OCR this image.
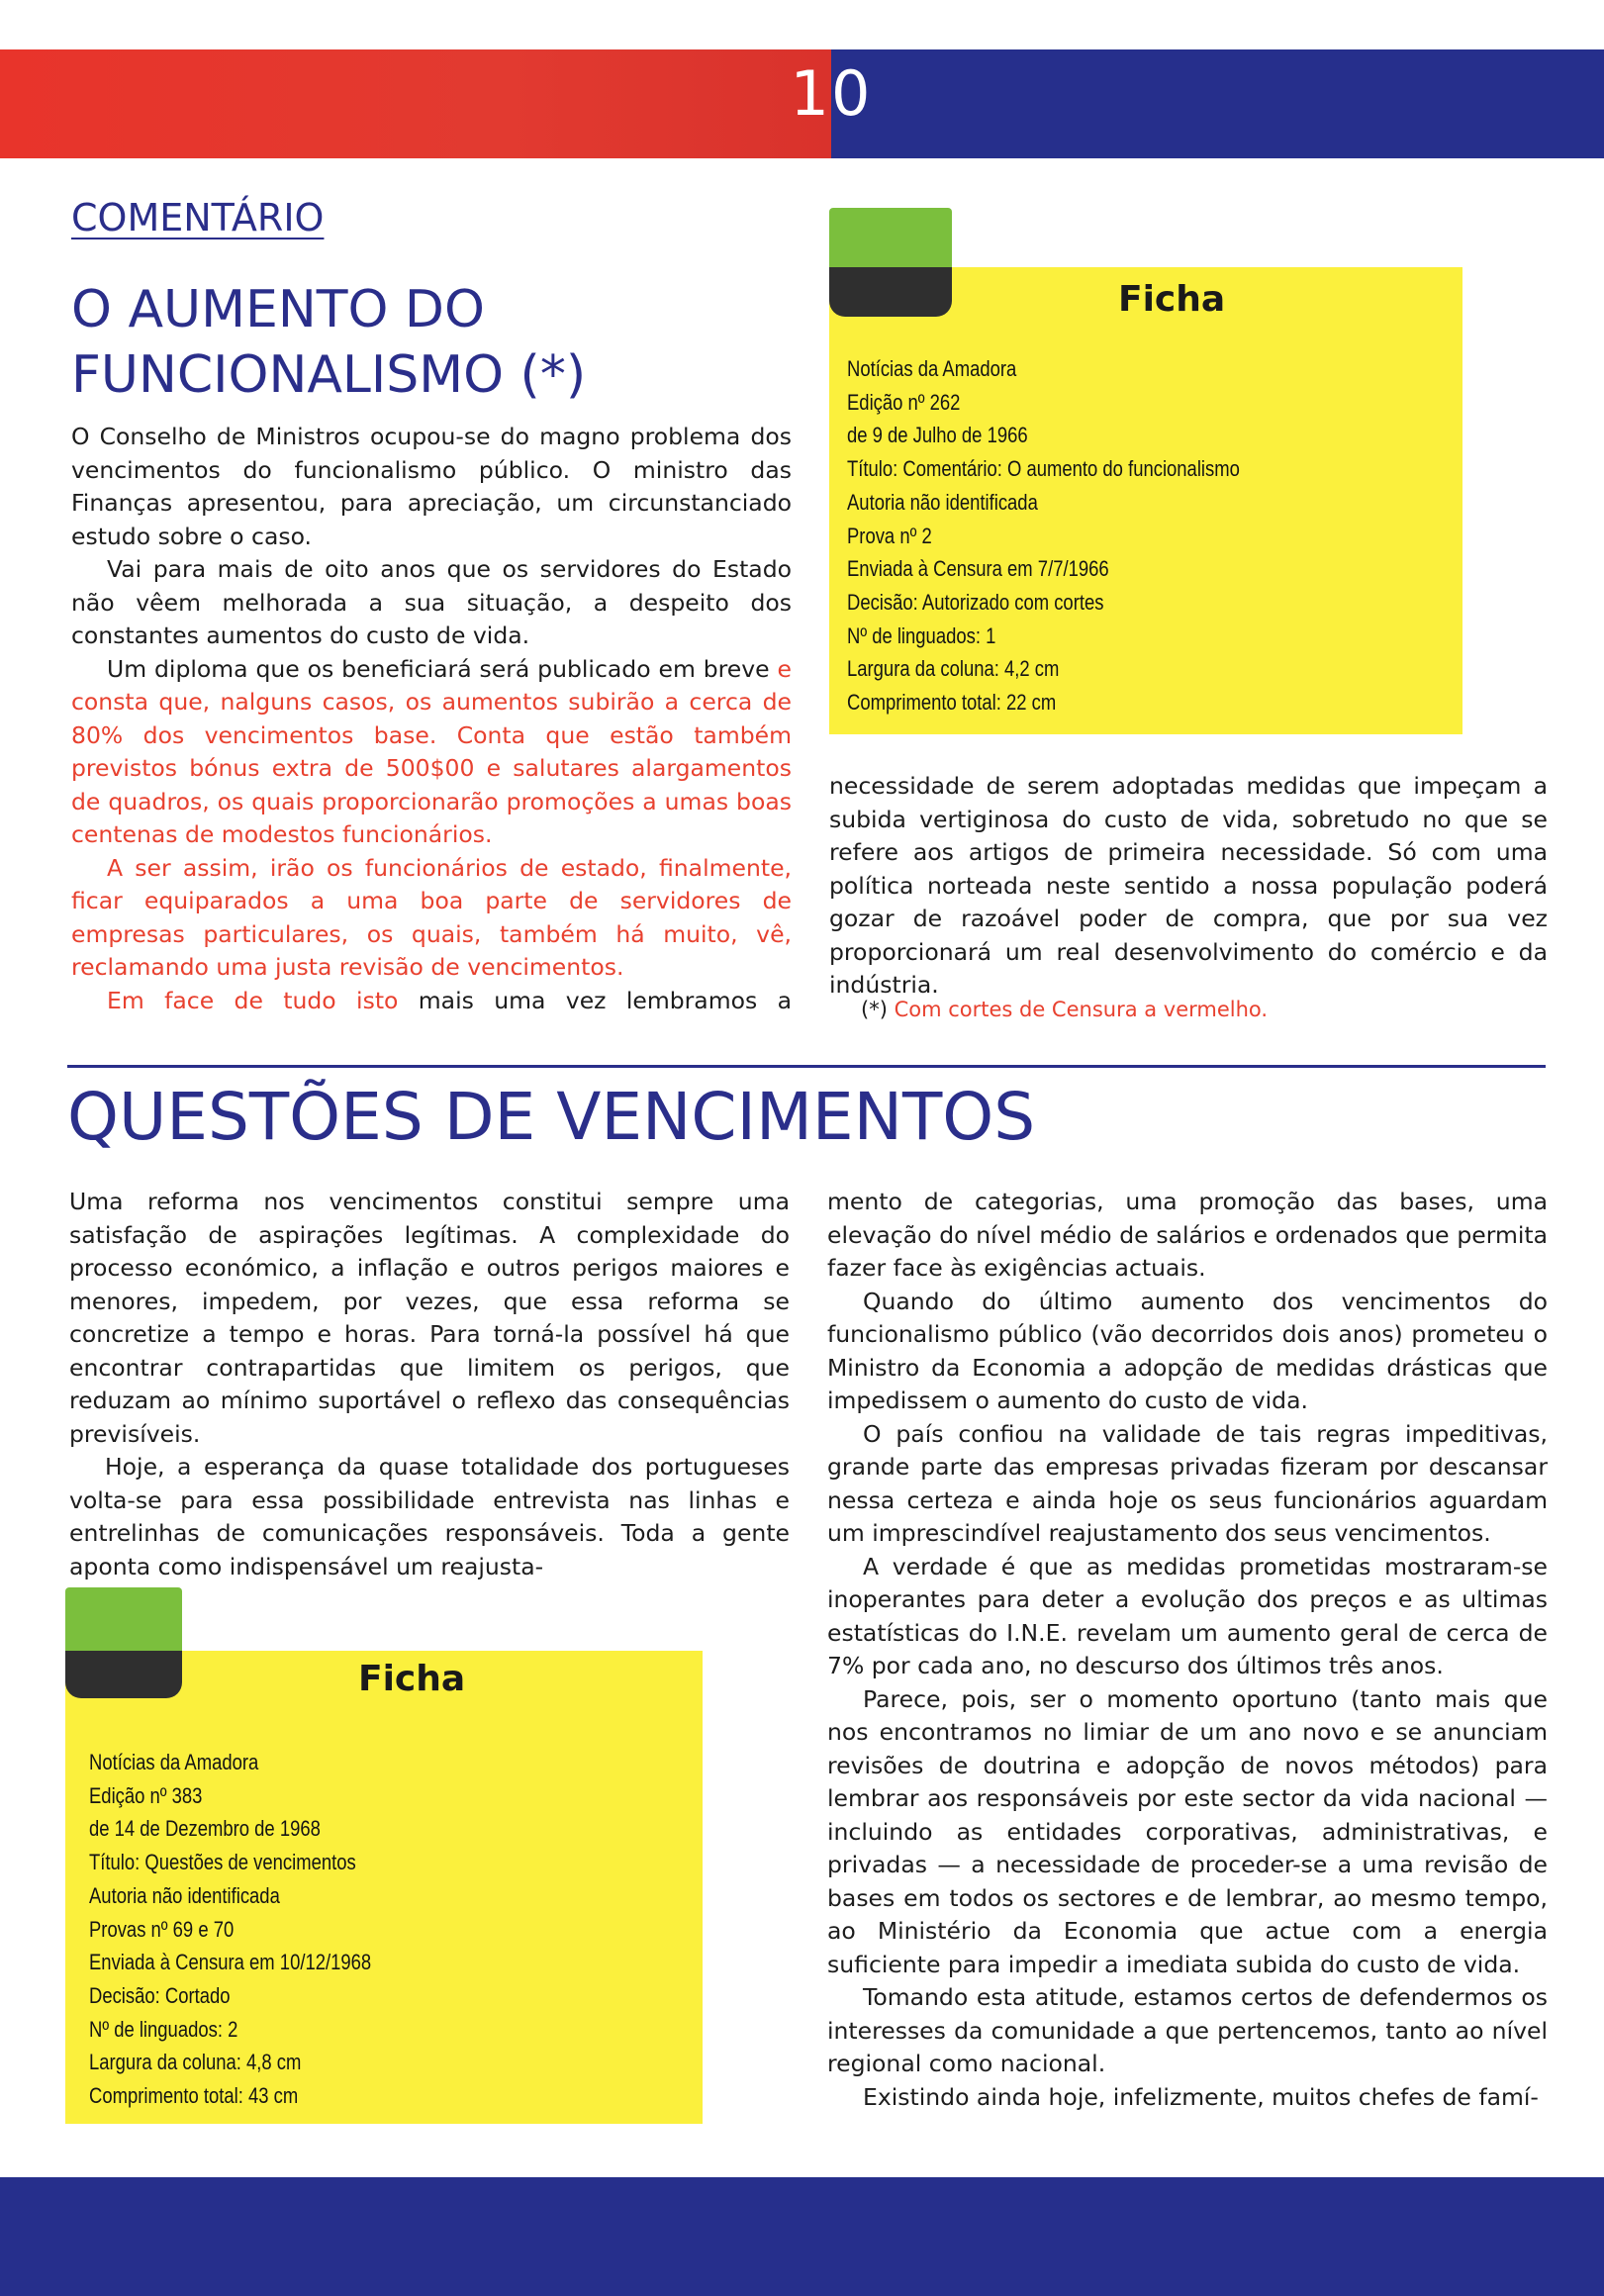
10
COMENTÁRIO
O AUMENTO DO FUNCIONALISMO (*)

O Conselho de Ministros ocupou-se do magno problema dos vencimentos do funcionalismo público. O ministro das Finanças apresentou, para apreciação, um circunstanciado estudo sobre o caso.

Vai para mais de oito anos que os servidores do Estado não vêem melhorada a sua situação, a despeito dos constantes aumentos do custo de vida.

Um diploma que os beneficiará será publicado em breve e consta que, nalguns casos, os aumentos subirão a cerca de 80% dos vencimentos base. Conta que estão também previstos bónus extra de 500$00 e salutares alargamentos de quadros, os quais proporcionarão promoções a umas boas centenas de modestos funcionários.

A ser assim, irão os funcionários de estado, finalmente, ficar equiparados a uma boa parte de servidores de empresas particulares, os quais, também há muito, vê, reclamando uma justa revisão de vencimentos.

Em face de tudo isto mais uma vez lembramos a

Ficha
Notícias da Amadora
Edição nº 262
de 9 de Julho de 1966
Título: Comentário: O aumento do funcionalismo
Autoria não identificada
Prova nº 2
Enviada à Censura em 7/7/1966
Decisão: Autorizado com cortes
Nº de linguados: 1
Largura da coluna: 4,2 cm
Comprimento total: 22 cm

necessidade de serem adoptadas medidas que impeçam a subida vertiginosa do custo de vida, sobretudo no que se refere aos artigos de primeira necessidade. Só com uma política norteada neste sentido a nossa população poderá gozar de razoável poder de compra, que por sua vez proporcionará um real desenvolvimento do comércio e da indústria.

(*) Com cortes de Censura a vermelho.
QUESTÕES DE VENCIMENTOS

Uma reforma nos vencimentos constitui sempre uma satisfação de aspirações legítimas. A complexidade do processo económico, a inflação e outros perigos maiores e menores, impedem, por vezes, que essa reforma se concretize a tempo e horas. Para torná-la possível há que encontrar contrapartidas que limitem os perigos, que reduzam ao mínimo suportável o reflexo das consequências previsíveis.

Hoje, a esperança da quase totalidade dos portugueses volta-se para essa possibilidade entrevista nas linhas e entrelinhas de comunicações responsáveis. Toda a gente aponta como indispensável um reajusta-

Ficha
Notícias da Amadora
Edição nº 383
de 14 de Dezembro de 1968
Título: Questões de vencimentos
Autoria não identificada
Provas nº 69 e 70
Enviada à Censura em 10/12/1968
Decisão: Cortado
Nº de linguados: 2
Largura da coluna: 4,8 cm
Comprimento total: 43 cm

mento de categorias, uma promoção das bases, uma elevação do nível médio de salários e ordenados que permita fazer face às exigências actuais.

Quando do último aumento dos vencimentos do funcionalismo público (vão decorridos dois anos) prometeu o Ministro da Economia a adopção de medidas drásticas que impedissem o aumento do custo de vida.

O país confiou na validade de tais regras impeditivas, grande parte das empresas privadas fizeram por descansar nessa certeza e ainda hoje os seus funcionários aguardam um imprescindível reajustamento dos seus vencimentos.

A verdade é que as medidas prometidas mostraram-se inoperantes para deter a evolução dos preços e as ultimas estatísticas do I.N.E. revelam um aumento geral de cerca de 7% por cada ano, no descurso dos últimos três anos.

Parece, pois, ser o momento oportuno (tanto mais que nos encontramos no limiar de um ano novo e se anunciam revisões de doutrina e adopção de novos métodos) para lembrar aos responsáveis por este sector da vida nacional — incluindo as entidades corporativas, administrativas, e privadas — a necessidade de proceder-se a uma revisão de bases em todos os sectores e de lembrar, ao mesmo tempo, ao Ministério da Economia que actue com a energia suficiente para impedir a imediata subida do custo de vida.

Tomando esta atitude, estamos certos de defendermos os interesses da comunidade a que pertencemos, tanto ao nível regional como nacional.

Existindo ainda hoje, infelizmente, muitos chefes de famí-
